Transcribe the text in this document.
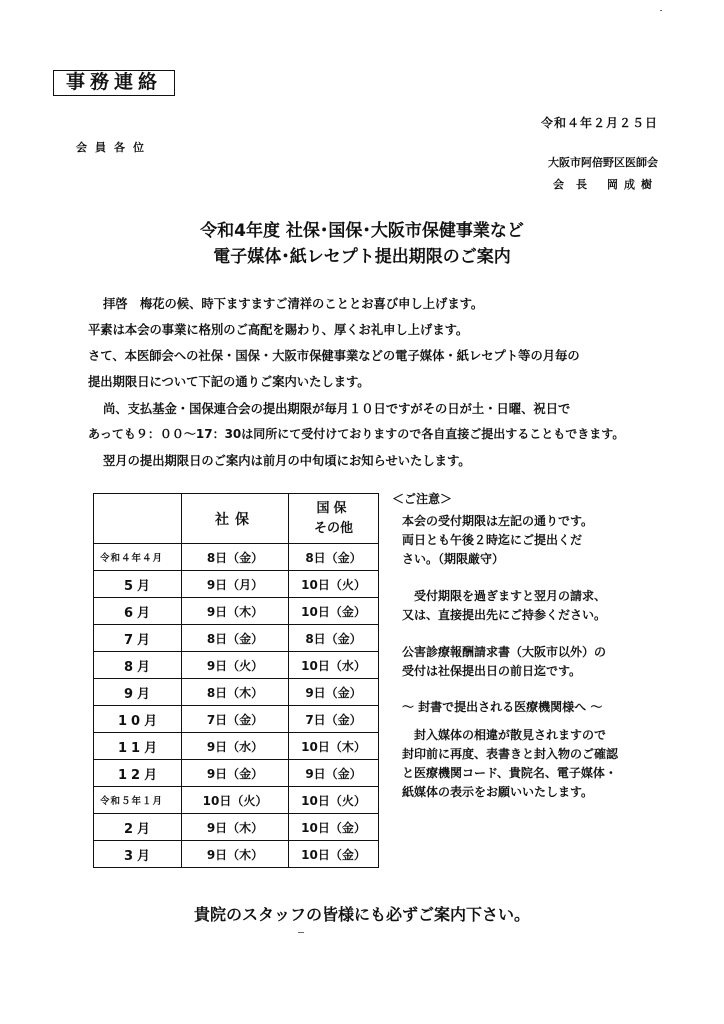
事務連絡
令和４年２月２５日
会員各位
大阪市阿倍野区医師会
会長 岡成樹
令和4年度 社保･国保･大阪市保健事業など
電子媒体･紙レセプト提出期限のご案内
拝啓　梅花の候、時下ますますご清祥のこととお喜び申し上げます。
平素は本会の事業に格別のご高配を賜わり、厚くお礼申し上げます。
さて、本医師会への社保・国保・大阪市保健事業などの電子媒体・紙レセプト等の月毎の
提出期限日について下記の通りご案内いたします。
尚、支払基金・国保連合会の提出期限が毎月１０日ですがその日が土・日曜、祝日で
あっても９：００～17：30は同所にて受付けておりますので各自直接ご提出することもできます。
翌月の提出期限日のご案内は前月の中旬頃にお知らせいたします。
	社保	国保
その他

令和４年４月	8日（金）	8日（金）
5月	9日（月）	10日（火）
6月	9日（木）	10日（金）
7月	8日（金）	8日（金）
8月	9日（火）	10日（水）
9月	8日（木）	9日（金）
10月	7日（金）	7日（金）
11月	9日（水）	10日（木）
12月	9日（金）	9日（金）
令和５年１月	10日（火）	10日（火）
2月	9日（木）	10日（金）
3月	9日（木）	10日（金）
＜ご注意＞
本会の受付期限は左記の通りです。
両日とも午後２時迄にご提出くだ
さい。（期限厳守）
受付期限を過ぎますと翌月の請求、
又は、直接提出先にご持参ください。
公害診療報酬請求書（大阪市以外）の
受付は社保提出日の前日迄です。
～ 封書で提出される医療機関様へ ～
封入媒体の相違が散見されますので
封印前に再度、表書きと封入物のご確認
と医療機関コード、貴院名、電子媒体・
紙媒体の表示をお願いいたします。
貴院のスタッフの皆様にも必ずご案内下さい。
